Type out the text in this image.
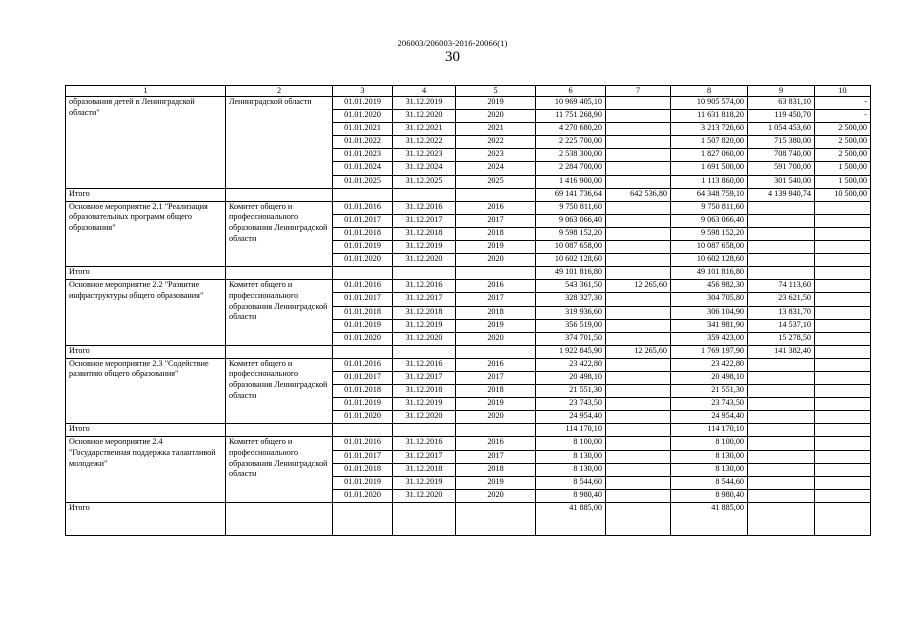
206003/206003-2016-20066(1)
30
1	2	3	4	5	6	7	8	9	10
образования детей в Ленинградской области"	Ленинградской области	01.01.2019	31.12.2019	2019	10 969 405,10		10 905 574,00	63 831,10	-
		01.01.2020	31.12.2020	2020	11 751 268,90		11 631 818,20	119 450,70	-
		01.01.2021	31.12.2021	2021	4 270 680,20		3 213 726,60	1 054 453,60	2 500,00
		01.01.2022	31.12.2022	2022	2 225 700,00		1 507 820,00	715 380,00	2 500,00
		01.01.2023	31.12.2023	2023	2 538 300,00		1 827 060,00	708 740,00	2 500,00
		01.01.2024	31.12.2024	2024	2 284 700,00		1 691 500,00	591 700,00	1 500,00
		01.01.2025	31.12.2025	2025	1 416 900,00		1 113 860,00	301 540,00	1 500,00
Итого					69 141 736,64	642 536,80	64 348 759,10	4 139 940,74	10 500,00
Основное мероприятие 2.1 "Реализация образовательных программ общего образования"	Комитет общего и профессионального образования Ленинградской области	01.01.2016	31.12.2016	2016	9 750 811,60		9 750 811,60		
		01.01.2017	31.12.2017	2017	9 063 066,40		9 063 066,40		
		01.01.2018	31.12.2018	2018	9 598 152,20		9 598 152,20		
		01.01.2019	31.12.2019	2019	10 087 658,00		10 087 658,00		
		01.01.2020	31.12.2020	2020	10 602 128,60		10 602 128,60		
Итого					49 101 816,80		49 101 816,80		
Основное мероприятие 2.2 "Развитие инфраструктуры общего образования"	Комитет общего и профессионального образования Ленинградской области	01.01.2016	31.12.2016	2016	543 361,50	12 265,60	456 982,30	74 113,60	
		01.01.2017	31.12.2017	2017	328 327,30		304 705,80	23 621,50	
		01.01.2018	31.12.2018	2018	319 936,60		306 104,90	13 831,70	
		01.01.2019	31.12.2019	2019	356 519,00		341 981,90	14 537,10	
		01.01.2020	31.12.2020	2020	374 701,50		359 423,00	15 278,50	
Итого					1 922 845,90	12 265,60	1 769 197,90	141 382,40	
Основное мероприятие 2.3 "Содействие развитию общего образования"	Комитет общего и профессионального образования Ленинградской области	01.01.2016	31.12.2016	2016	23 422,80		23 422,80		
		01.01.2017	31.12.2017	2017	20 498,10		20 498,10		
		01.01.2018	31.12.2018	2018	21 551,30		21 551,30		
		01.01.2019	31.12.2019	2019	23 743,50		23 743,50		
		01.01.2020	31.12.2020	2020	24 954,40		24 954,40		
Итого					114 170,10		114 170,10		
Основное мероприятие 2.4 "Государственная поддержка талантливой молодежи"	Комитет общего и профессионального образования Ленинградской области	01.01.2016	31.12.2016	2016	8 100,00		8 100,00		
		01.01.2017	31.12.2017	2017	8 130,00		8 130,00		
		01.01.2018	31.12.2018	2018	8 130,00		8 130,00		
		01.01.2019	31.12.2019	2019	8 544,60		8 544,60		
		01.01.2020	31.12.2020	2020	8 980,40		8 980,40		
Итого					41 885,00		41 885,00		
